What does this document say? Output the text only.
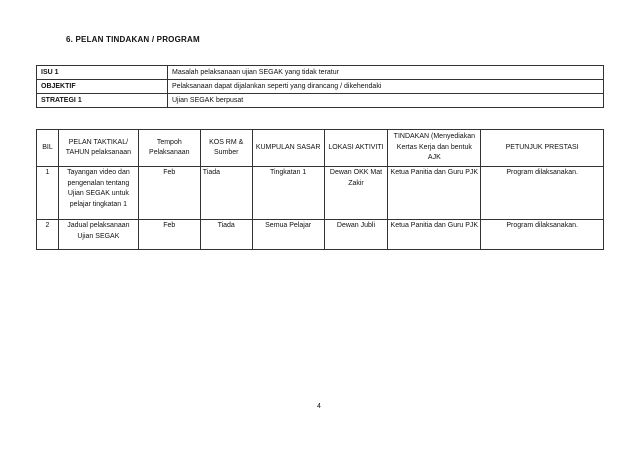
6. PELAN TINDAKAN / PROGRAM
ISU 1	Masalah pelaksanaan ujian SEGAK yang tidak teratur
OBJEKTIF	Pelaksanaan dapat dijalankan seperti yang dirancang / dikehendaki
STRATEGI 1	Ujian SEGAK berpusat
BIL	PELAN TAKTIKAL/ TAHUN pelaksanaan	Tempoh Pelaksanaan	KOS RM & Sumber	KUMPULAN SASAR	LOKASI AKTIVITI	TINDAKAN (Menyediakan Kertas Kerja dan bentuk AJK	PETUNJUK PRESTASI
1	Tayangan video dan pengenalan tentang Ujian SEGAK untuk pelajar tingkatan 1	Feb	Tiada	Tingkatan 1	Dewan OKK Mat Zakir	Ketua Panitia dan Guru PJK	Program dilaksanakan.
2	Jadual pelaksanaan Ujian SEGAK	Feb	Tiada	Semua Pelajar	Dewan Jubli	Ketua Panitia dan Guru PJK	Program dilaksanakan.
4
